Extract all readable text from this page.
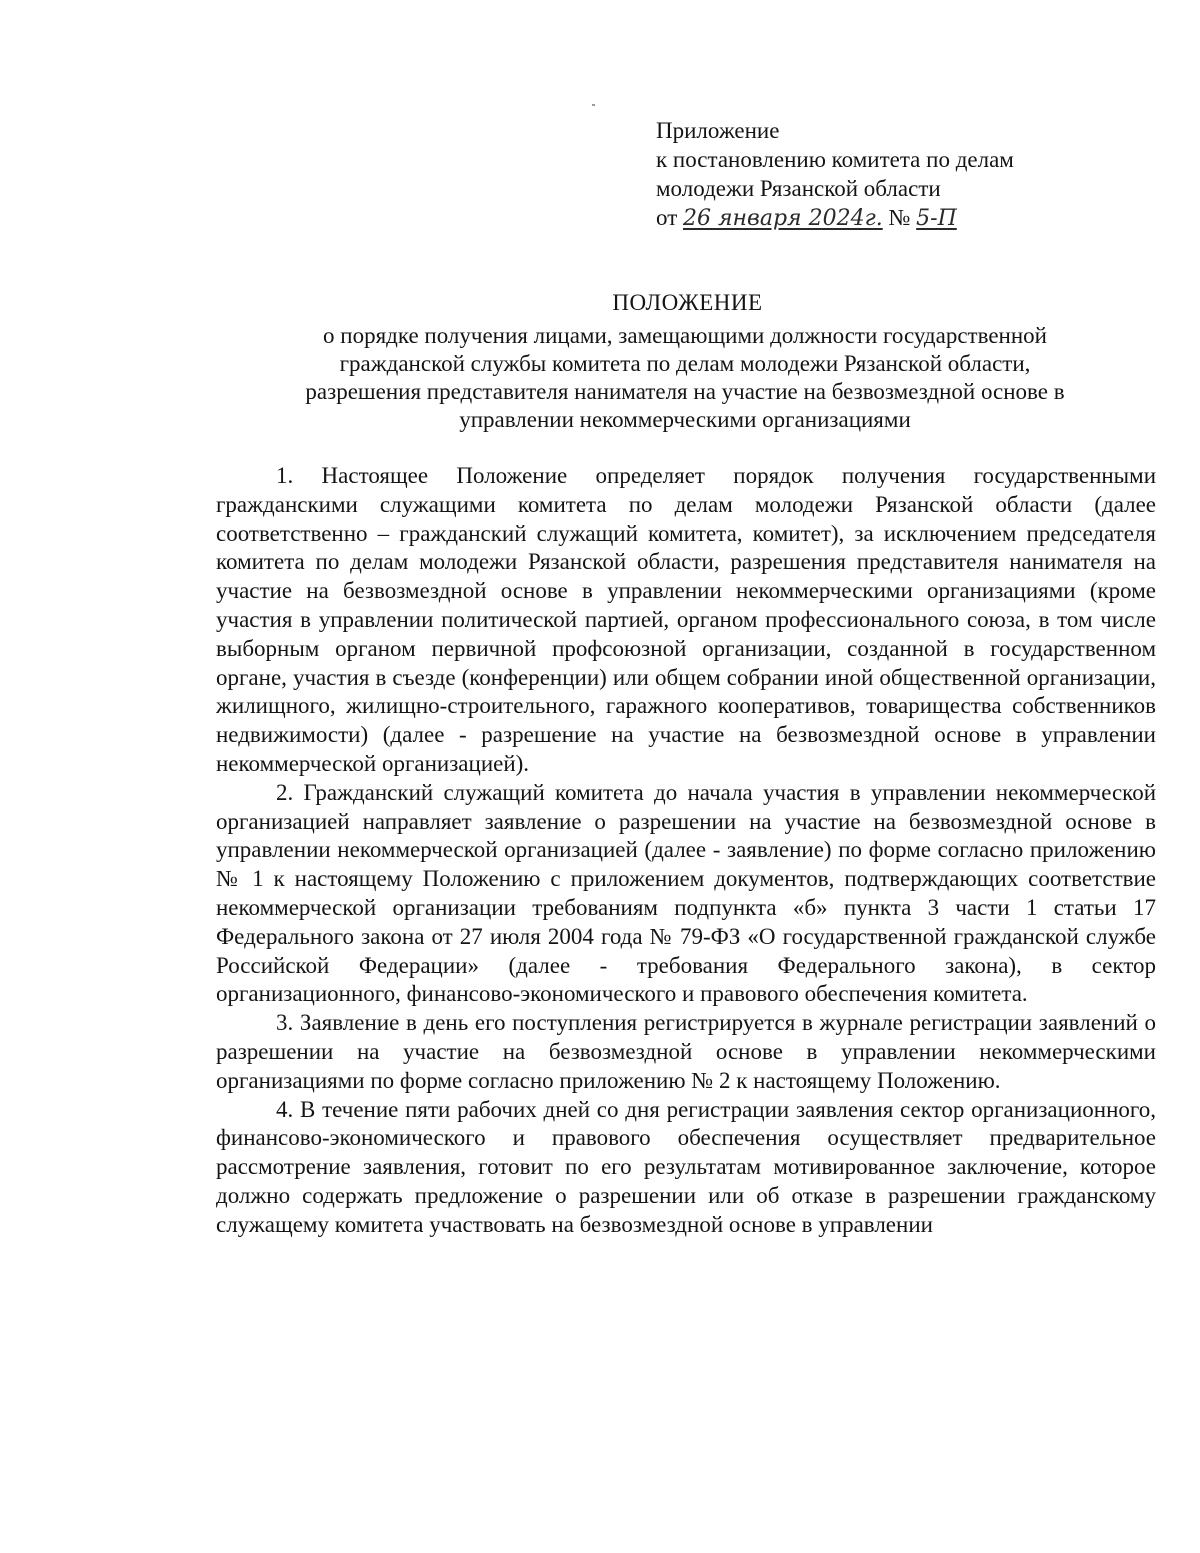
Приложение
к постановлению комитета по делам
молодежи Рязанской области
от 26 января 2024г. № 5-П
ПОЛОЖЕНИЕ
о порядке получения лицами, замещающими должности государственной
гражданской службы комитета по делам молодежи Рязанской области,
разрешения представителя нанимателя на участие на безвозмездной основе в
управлении некоммерческими организациями

1. Настоящее Положение определяет порядок получения государственными гражданскими служащими комитета по делам молодежи Рязанской области (далее соответственно – гражданский служащий комитета, комитет), за исключением председателя комитета по делам молодежи Рязанской области, разрешения представителя нанимателя на участие на безвозмездной основе в управлении некоммерческими организациями (кроме участия в управлении политической партией, органом профессионального союза, в том числе выборным органом первичной профсоюзной организации, созданной в государственном органе, участия в съезде (конференции) или общем собрании иной общественной организации, жилищного, жилищно-строительного, гаражного кооперативов, товарищества собственников недвижимости) (далее - разрешение на участие на безвозмездной основе в управлении некоммерческой организацией).

2. Гражданский служащий комитета до начала участия в управлении некоммерческой организацией направляет заявление о разрешении на участие на безвозмездной основе в управлении некоммерческой организацией (далее - заявление) по форме согласно приложению № 1 к настоящему Положению с приложением документов, подтверждающих соответствие некоммерческой организации требованиям подпункта «б» пункта 3 части 1 статьи 17 Федерального закона от 27 июля 2004 года № 79-ФЗ «О государственной гражданской службе Российской Федерации» (далее - требования Федерального закона), в сектор организационного, финансово-экономического и правового обеспечения комитета.

3. Заявление в день его поступления регистрируется в журнале регистрации заявлений о разрешении на участие на безвозмездной основе в управлении некоммерческими организациями по форме согласно приложению № 2 к настоящему Положению.

4. В течение пяти рабочих дней со дня регистрации заявления сектор организационного, финансово-экономического и правового обеспечения осуществляет предварительное рассмотрение заявления, готовит по его результатам мотивированное заключение, которое должно содержать предложение о разрешении или об отказе в разрешении гражданскому служащему комитета участвовать на безвозмездной основе в управлении
